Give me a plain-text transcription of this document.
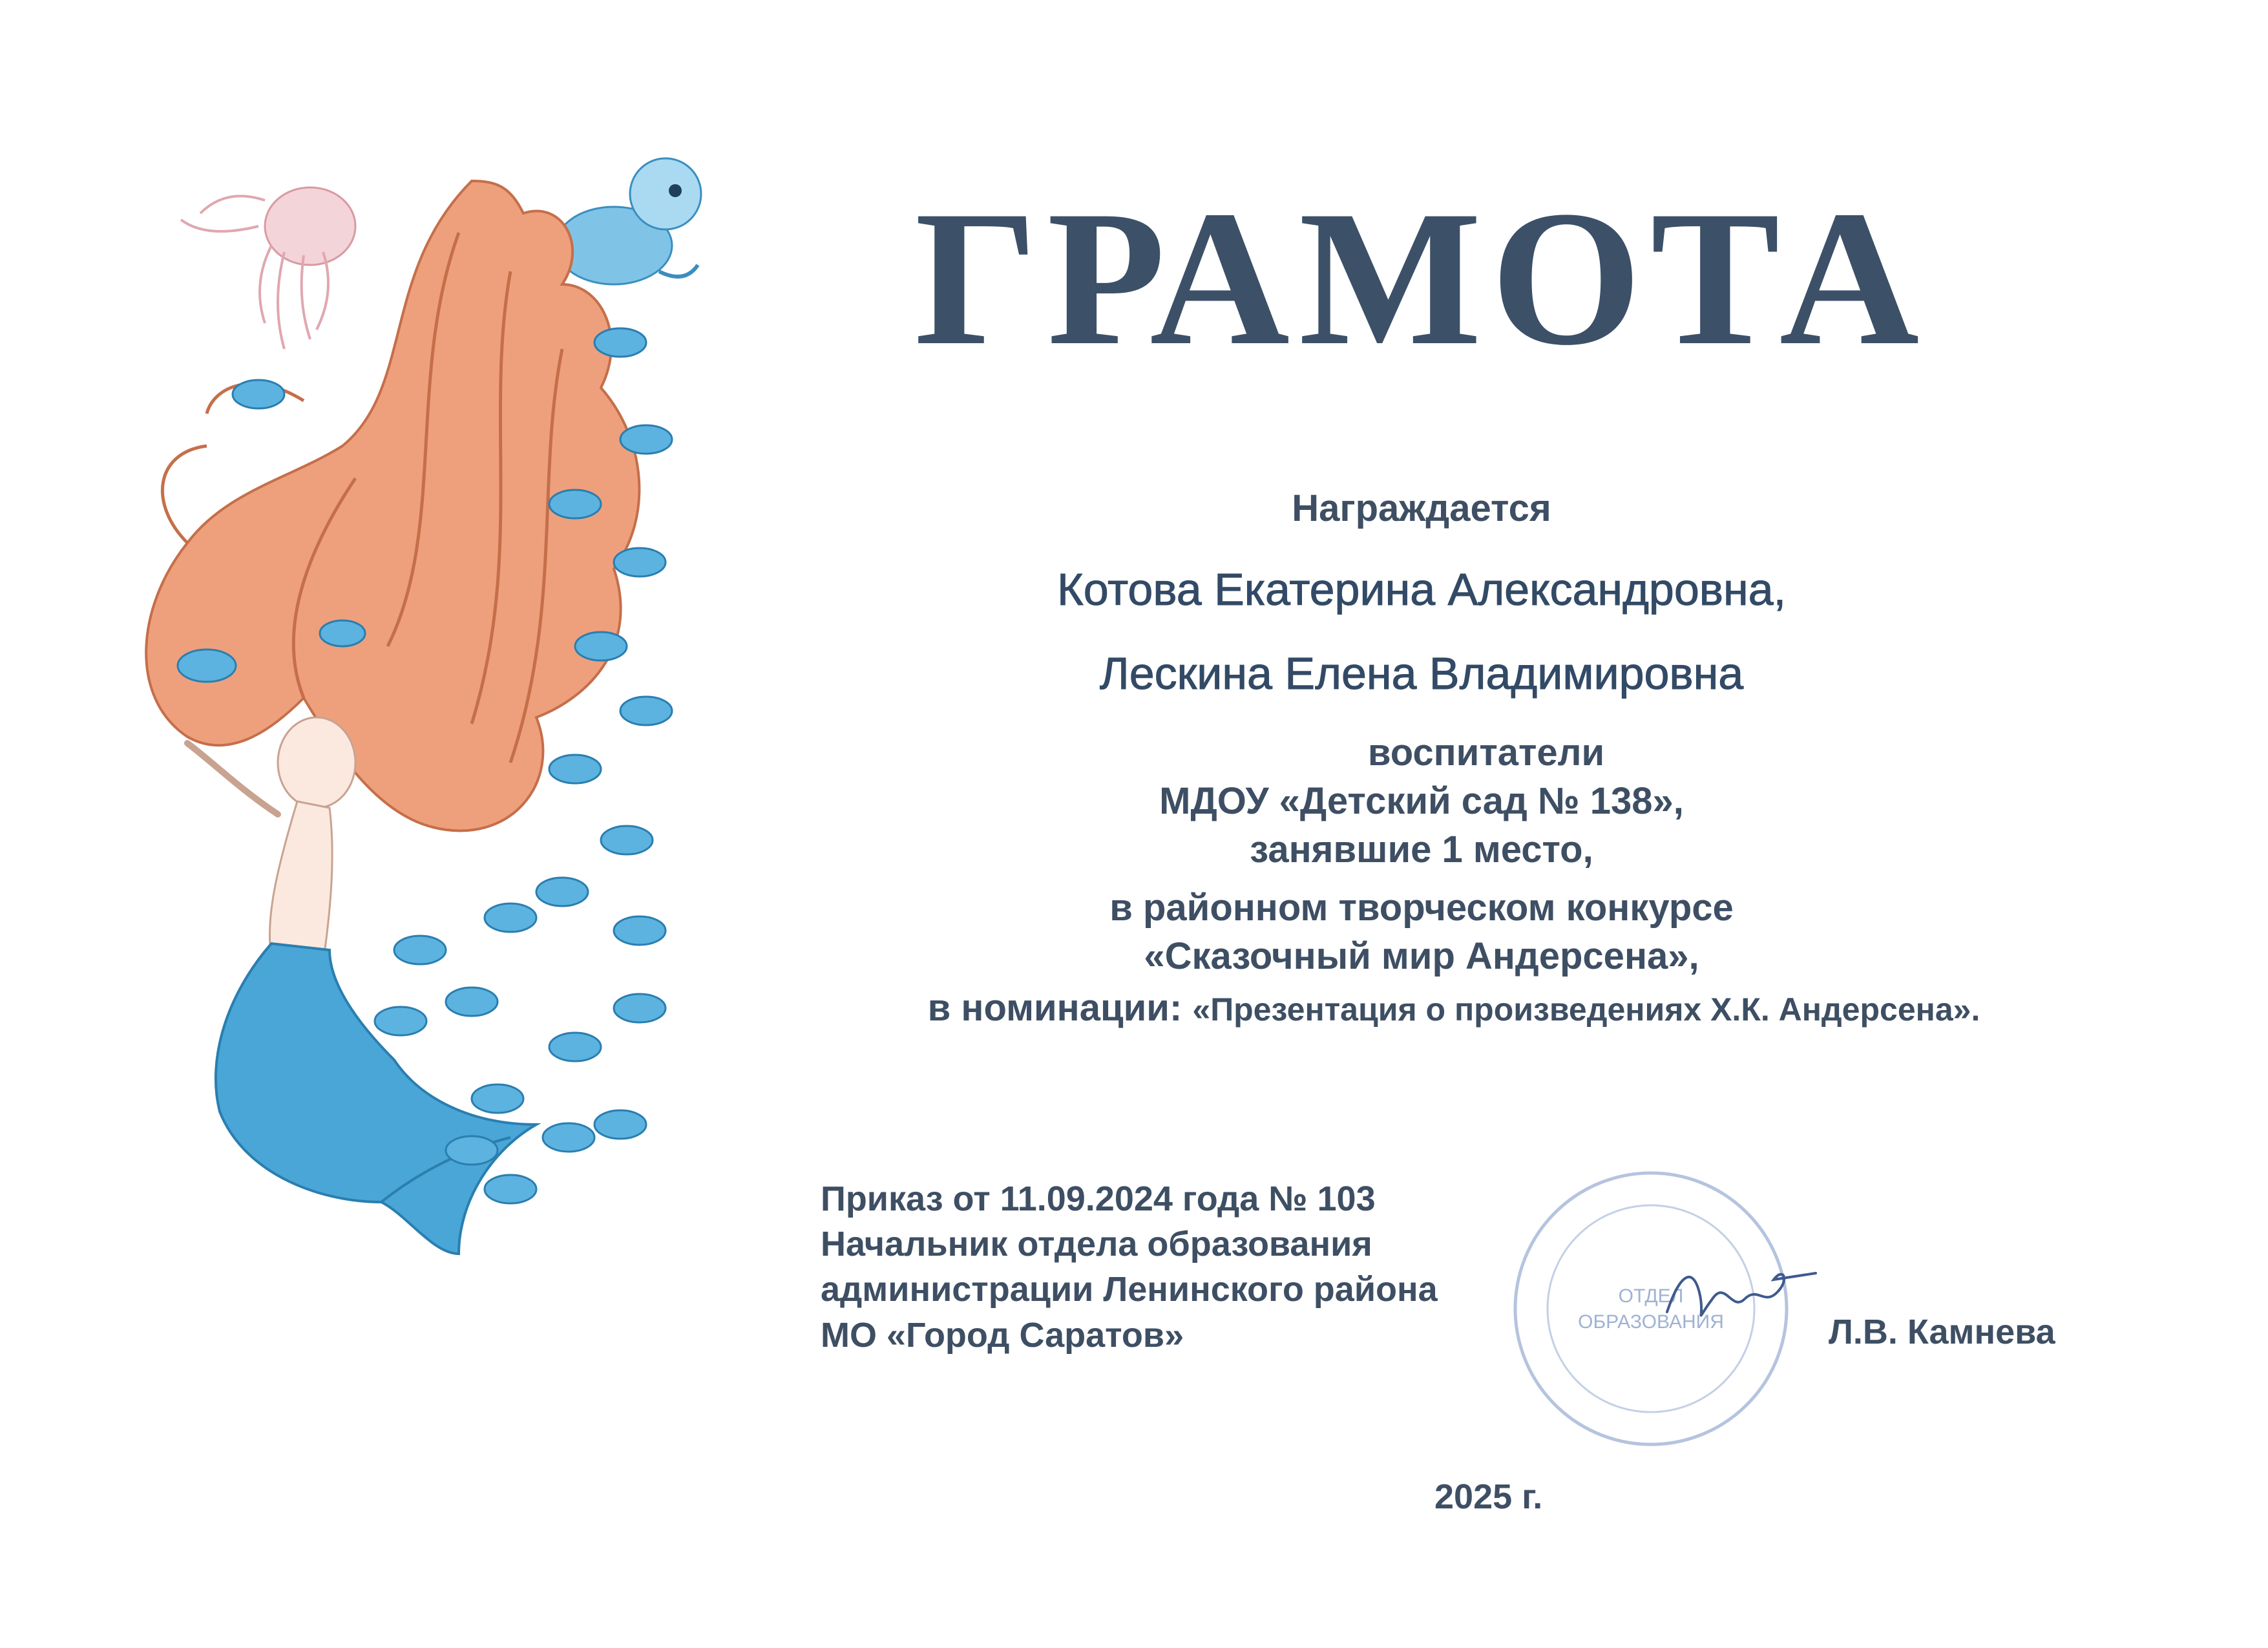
ГРАМОТА
Награждается
Котова Екатерина Александровна,
Лескина Елена Владимировна
воспитатели
МДОУ «Детский сад № 138»,
занявшие 1 место,
в районном творческом конкурсе
«Сказочный мир Андерсена»,
в номинации: «Презентация о произведениях Х.К. Андерсена».
Приказ от 11.09.2024 года № 103
Начальник отдела образования
администрации Ленинского района
МО «Город Саратов»
ОТДЕЛ
ОБРАЗОВАНИЯ	Л.В. Камнева
2025 г.
